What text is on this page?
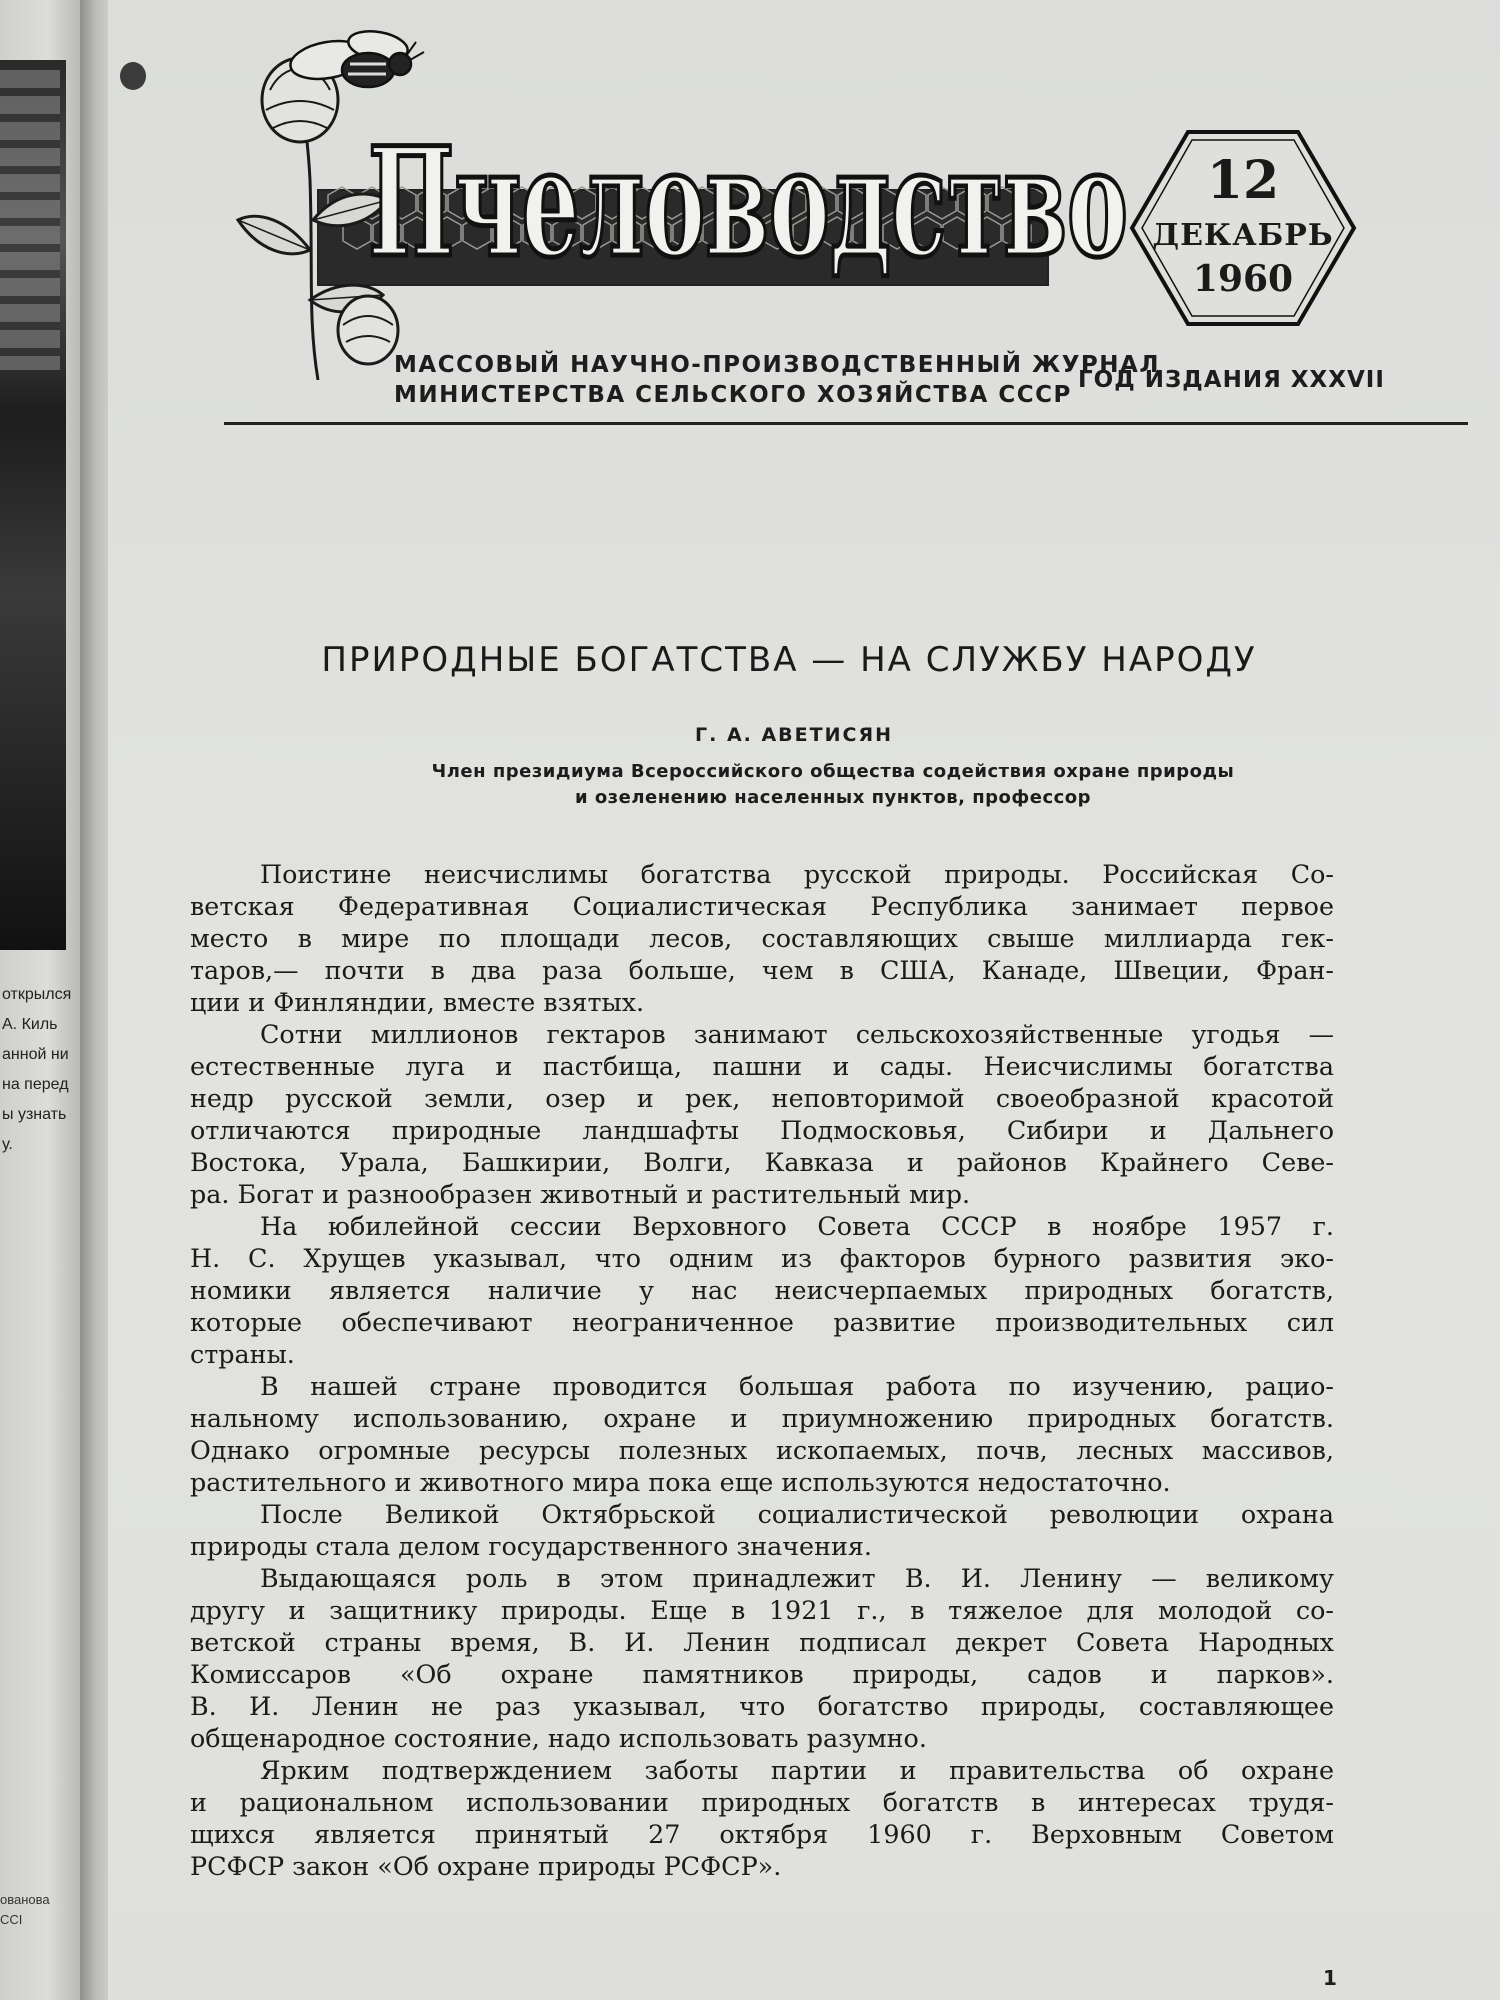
открылся
А. Киль
анной ни
на перед
ы узнать
у.
ованова
ССІ
Пчеловодство	12
ДЕКАБРЬ
1960
МАССОВЫЙ НАУЧНО-ПРОИЗВОДСТВЕННЫЙ ЖУРНАЛ
МИНИСТЕРСТВА СЕЛЬСКОГО ХОЗЯЙСТВА СССР
ГОД ИЗДАНИЯ XXXVII
ПРИРОДНЫЕ БОГАТСТВА — НА СЛУЖБУ НАРОДУ
Г. А. АВЕТИСЯН
Член президиума Всероссийского общества содействия охране природы
и озеленению населенных пунктов, профессор

Поистине неисчислимы богатства русской природы. Российская Со-
ветская Федеративная Социалистическая Республика занимает первое
место в мире по площади лесов, составляющих свыше миллиарда гек-
таров,— почти в два раза больше, чем в США, Канаде, Швеции, Фран-
ции и Финляндии, вместе взятых.

Сотни миллионов гектаров занимают сельскохозяйственные угодья —
естественные луга и пастбища, пашни и сады. Неисчислимы богатства
недр русской земли, озер и рек, неповторимой своеобразной красотой
отличаются природные ландшафты Подмосковья, Сибири и Дальнего
Востока, Урала, Башкирии, Волги, Кавказа и районов Крайнего Севе-
ра. Богат и разнообразен животный и растительный мир.

На юбилейной сессии Верховного Совета СССР в ноябре 1957 г.
Н. С. Хрущев указывал, что одним из факторов бурного развития эко-
номики является наличие у нас неисчерпаемых природных богатств,
которые обеспечивают неограниченное развитие производительных сил
страны.

В нашей стране проводится большая работа по изучению, рацио-
нальному использованию, охране и приумножению природных богатств.
Однако огромные ресурсы полезных ископаемых, почв, лесных массивов,
растительного и животного мира пока еще используются недостаточно.

После Великой Октябрьской социалистической революции охрана
природы стала делом государственного значения.

Выдающаяся роль в этом принадлежит В. И. Ленину — великому
другу и защитнику природы. Еще в 1921 г., в тяжелое для молодой со-
ветской страны время, В. И. Ленин подписал декрет Совета Народных
Комиссаров «Об охране памятников природы, садов и парков».
В. И. Ленин не раз указывал, что богатство природы, составляющее
общенародное состояние, надо использовать разумно.

Ярким подтверждением заботы партии и правительства об охране
и рациональном использовании природных богатств в интересах трудя-
щихся является принятый 27 октября 1960 г. Верховным Советом
РСФСР закон «Об охране природы РСФСР».

1
